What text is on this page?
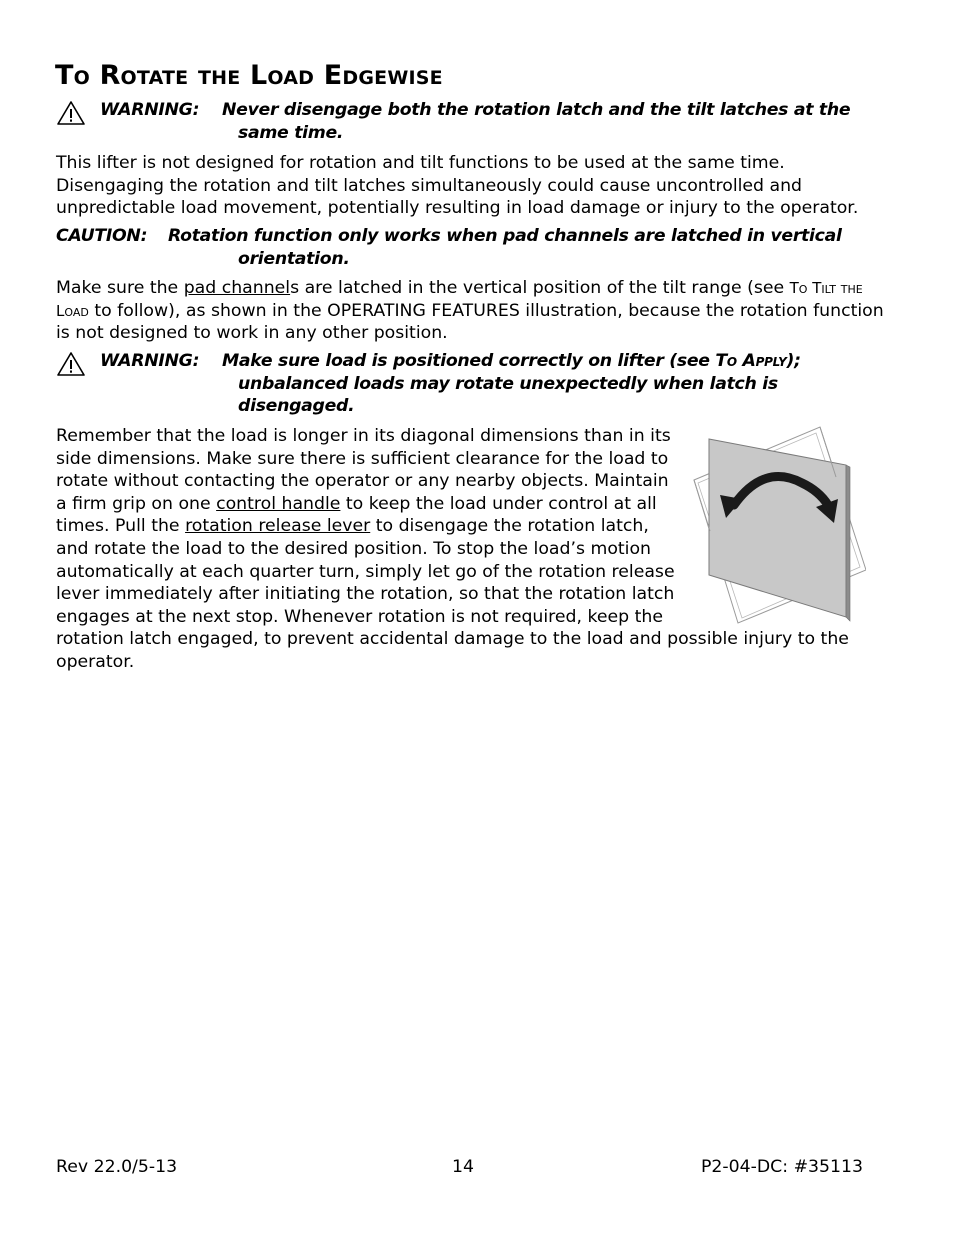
To Rotate the Load Edgewise
WARNING: Never disengage both the rotation latch and the tilt latches at the
same time.
This lifter is not designed for rotation and tilt functions to be used at the same time.
Disengaging the rotation and tilt latches simultaneously could cause uncontrolled and
unpredictable load movement, potentially resulting in load damage or injury to the operator.
CAUTION: Rotation function only works when pad channels are latched in vertical
orientation.
Make sure the pad channels are latched in the vertical position of the tilt range (see To Tilt the
Load to follow), as shown in the OPERATING FEATURES illustration, because the rotation function
is not designed to work in any other position.
WARNING: Make sure load is positioned correctly on lifter (see To Apply);
unbalanced loads may rotate unexpectedly when latch is
disengaged.
Remember that the load is longer in its diagonal dimensions than in its
side dimensions. Make sure there is sufficient clearance for the load to
rotate without contacting the operator or any nearby objects. Maintain
a firm grip on one control handle to keep the load under control at all
times. Pull the rotation release lever to disengage the rotation latch,
and rotate the load to the desired position. To stop the load’s motion
automatically at each quarter turn, simply let go of the rotation release
lever immediately after initiating the rotation, so that the rotation latch
engages at the next stop. Whenever rotation is not required, keep the
rotation latch engaged, to prevent accidental damage to the load and possible injury to the
operator.
Rev 22.0/5-13	14	P2-04-DC: #35113
